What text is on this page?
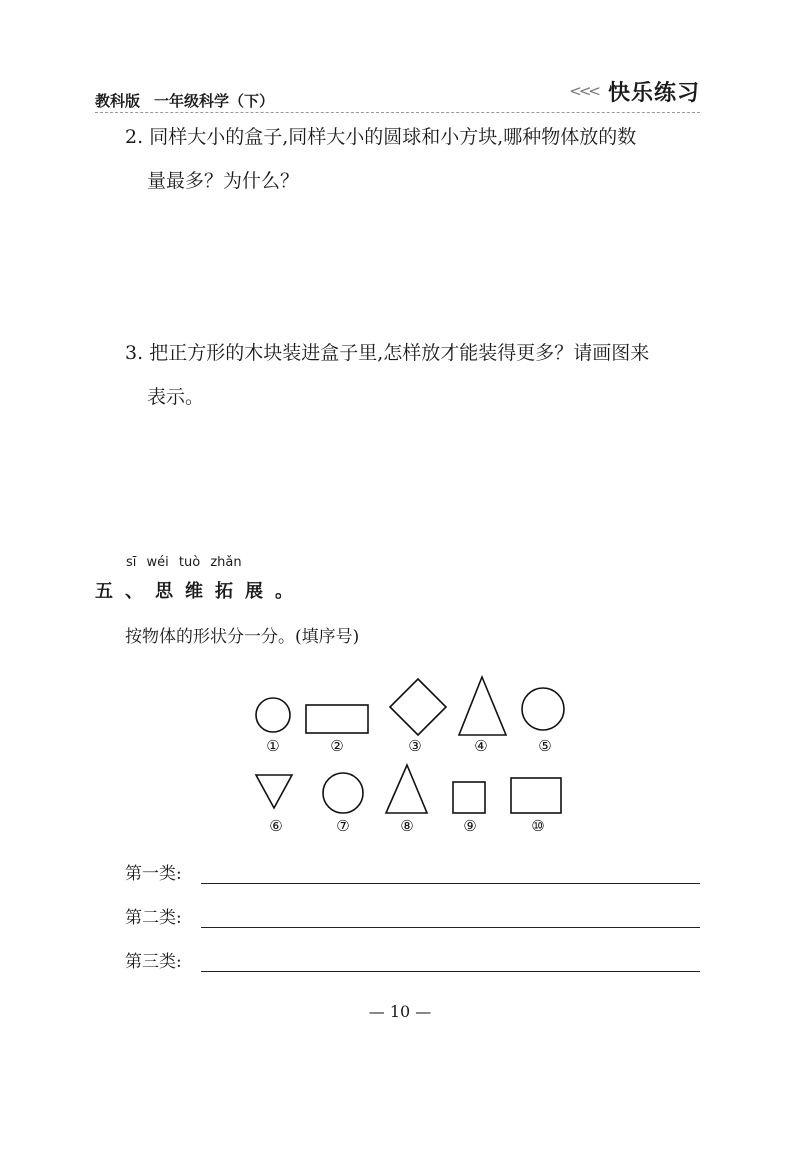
教科版 一年级科学（下）
<<< 快乐练习
2. 同样大小的盒子,同样大小的圆球和小方块,哪种物体放的数
量最多？为什么？
3. 把正方形的木块装进盒子里,怎样放才能装得更多？请画图来
表示。
sī wéi tuò zhǎn
五、思维拓展。
按物体的形状分一分。(填序号)
①	②	③	④	⑤
⑥	⑦	⑧	⑨	⑩
第一类:
第二类:
第三类:
— 10 —
